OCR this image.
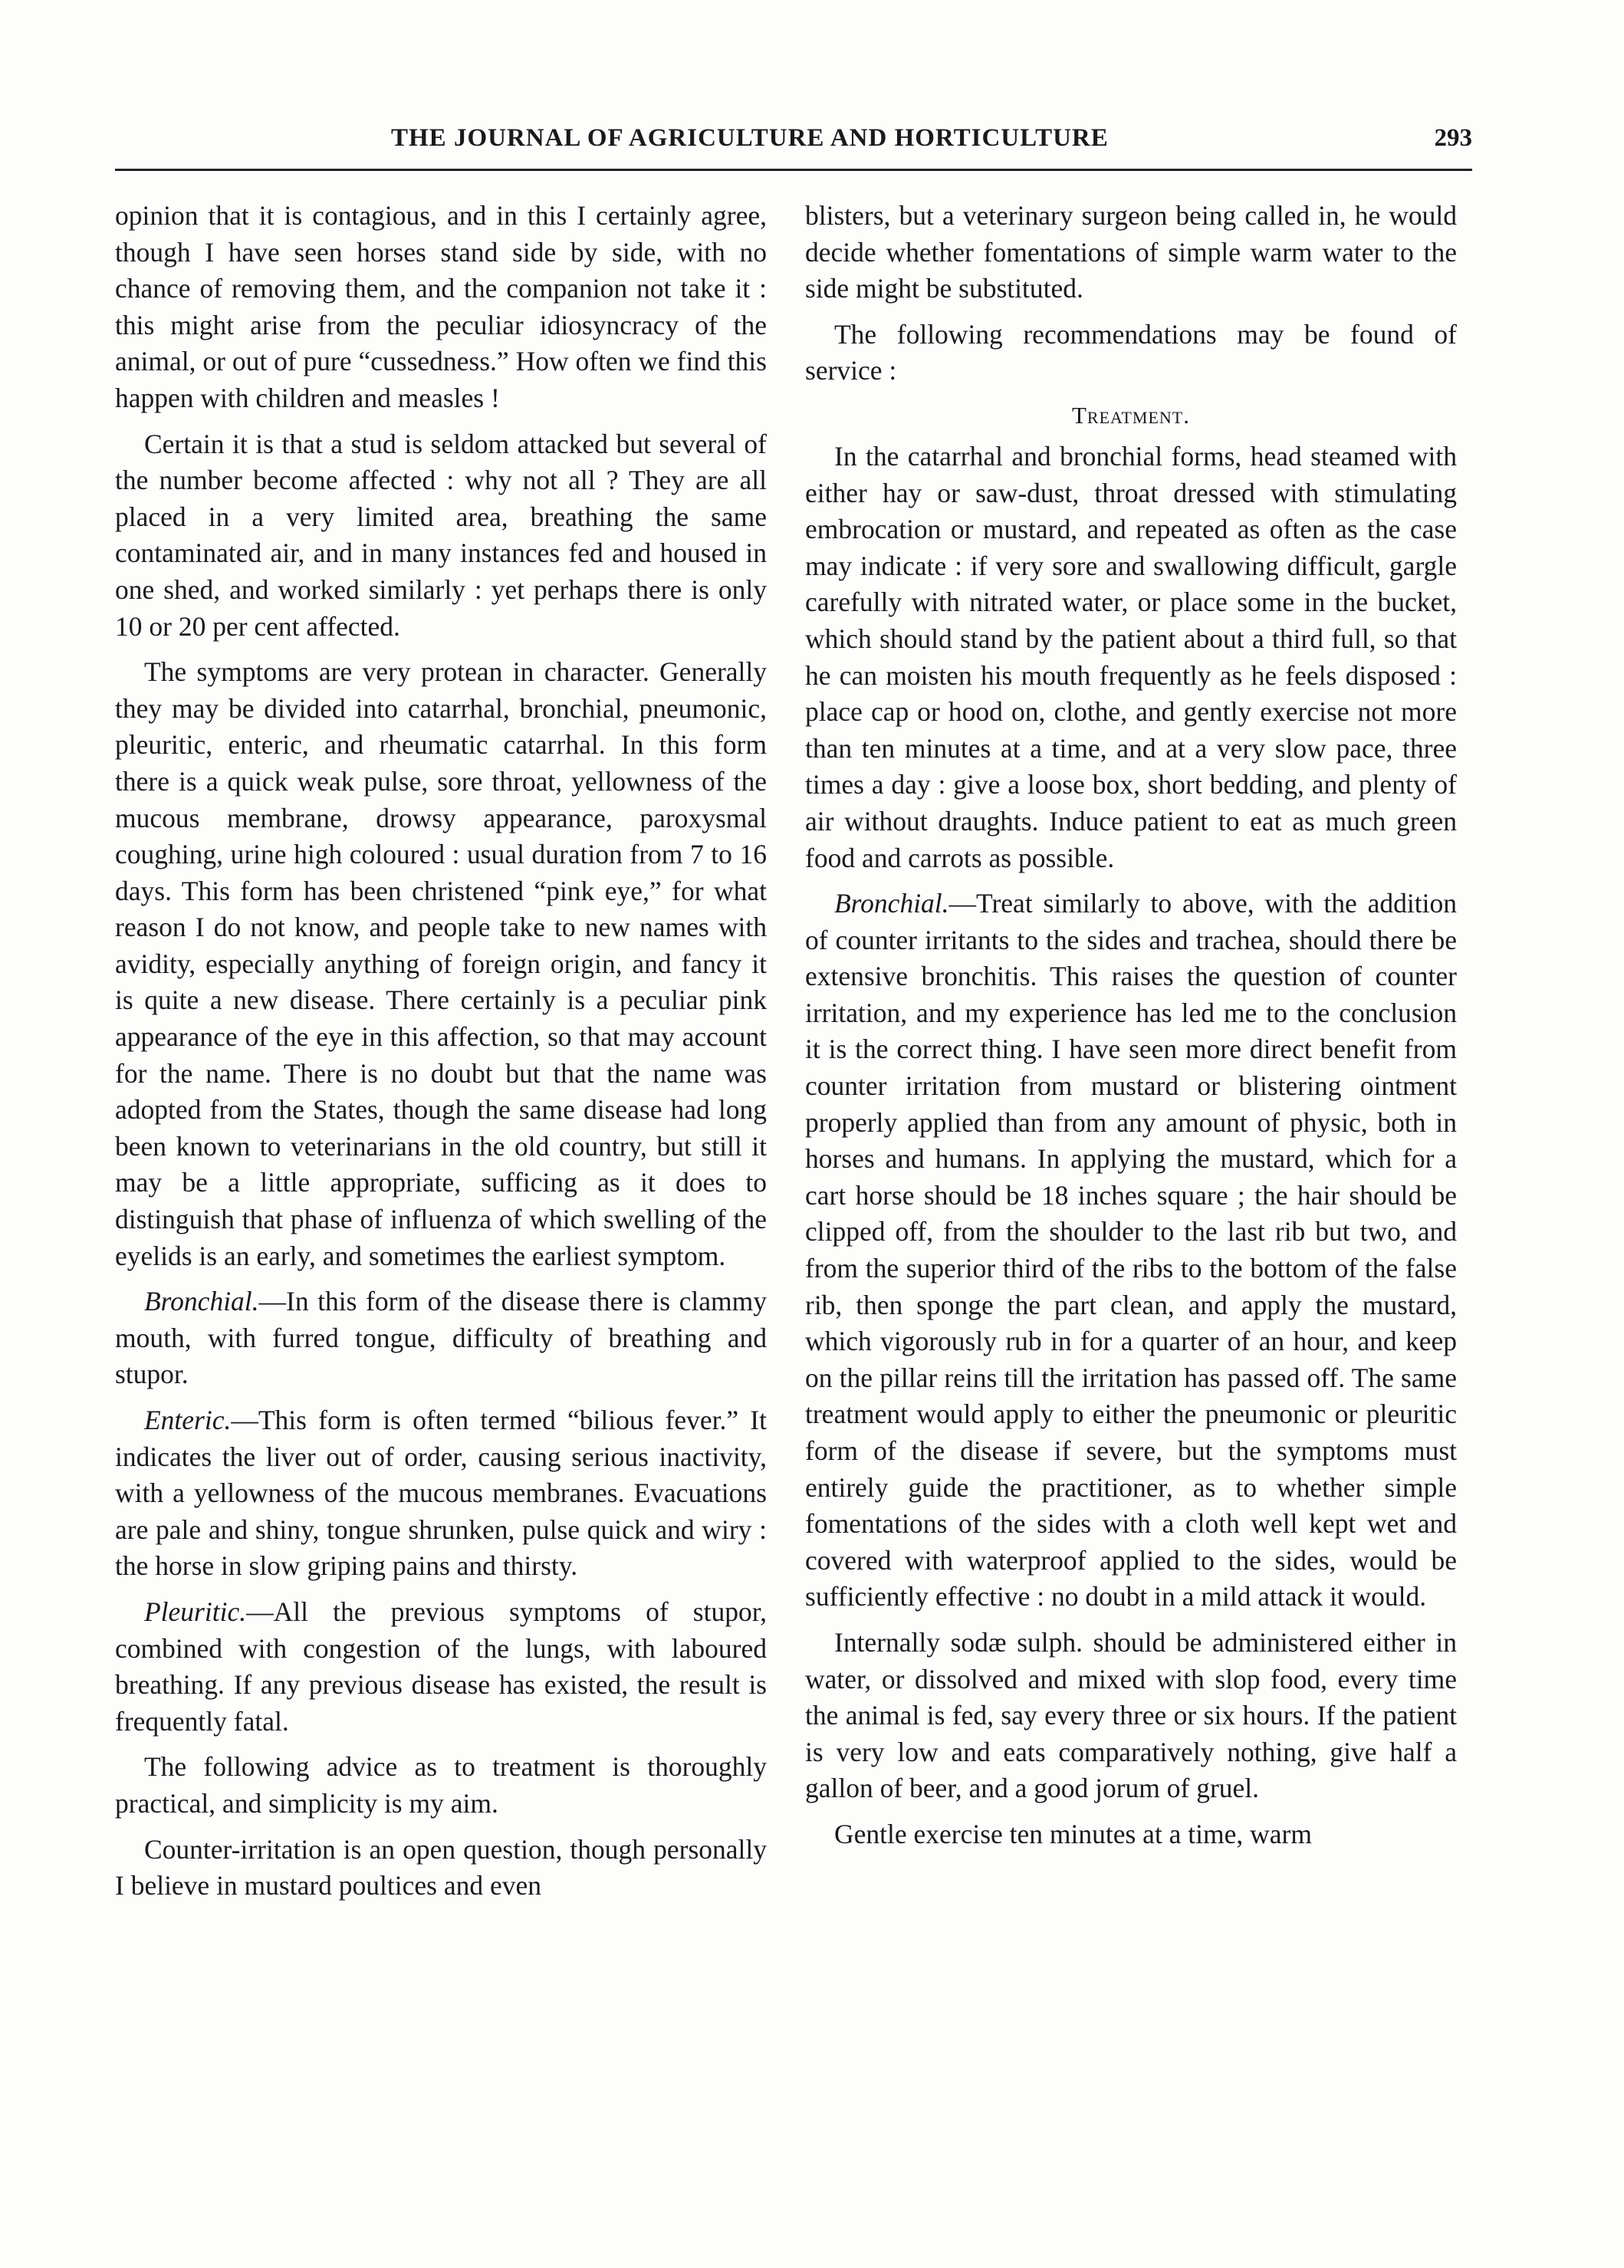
THE JOURNAL OF AGRICULTURE AND HORTICULTURE	293

opinion that it is contagious, and in this I certainly agree, though I have seen horses stand side by side, with no chance of removing them, and the companion not take it : this might arise from the peculiar idiosyncracy of the animal, or out of pure “cussedness.” How often we find this happen with children and measles !

Certain it is that a stud is seldom attacked but several of the number become affected : why not all ? They are all placed in a very limited area, breathing the same contaminated air, and in many instances fed and housed in one shed, and worked similarly : yet perhaps there is only 10 or 20 per cent affected.

The symptoms are very protean in character. Generally they may be divided into catarrhal, bronchial, pneumonic, pleuritic, enteric, and rheumatic catarrhal. In this form there is a quick weak pulse, sore throat, yellowness of the mucous membrane, drowsy appearance, paroxysmal coughing, urine high coloured : usual duration from 7 to 16 days. This form has been christened “pink eye,” for what reason I do not know, and people take to new names with avidity, especially anything of foreign origin, and fancy it is quite a new disease. There certainly is a peculiar pink appearance of the eye in this affection, so that may account for the name. There is no doubt but that the name was adopted from the States, though the same disease had long been known to veterinarians in the old country, but still it may be a little appropriate, sufficing as it does to distinguish that phase of influenza of which swelling of the eyelids is an early, and sometimes the earliest symptom.

Bronchial.—In this form of the disease there is clammy mouth, with furred tongue, difficulty of breathing and stupor.

Enteric.—This form is often termed “bilious fever.” It indicates the liver out of order, causing serious inactivity, with a yellowness of the mucous membranes. Evacuations are pale and shiny, tongue shrunken, pulse quick and wiry : the horse in slow griping pains and thirsty.

Pleuritic.—All the previous symptoms of stupor, combined with congestion of the lungs, with laboured breathing. If any previous disease has existed, the result is frequently fatal.

The following advice as to treatment is thoroughly practical, and simplicity is my aim.

Counter-irritation is an open question, though personally I believe in mustard poultices and even

blisters, but a veterinary surgeon being called in, he would decide whether fomentations of simple warm water to the side might be substituted.

The following recommendations may be found of service :

Treatment.

In the catarrhal and bronchial forms, head steamed with either hay or saw-dust, throat dressed with stimulating embrocation or mustard, and repeated as often as the case may indicate : if very sore and swallowing difficult, gargle carefully with nitrated water, or place some in the bucket, which should stand by the patient about a third full, so that he can moisten his mouth frequently as he feels disposed : place cap or hood on, clothe, and gently exercise not more than ten minutes at a time, and at a very slow pace, three times a day : give a loose box, short bedding, and plenty of air without draughts. Induce patient to eat as much green food and carrots as possible.

Bronchial.—Treat similarly to above, with the addition of counter irritants to the sides and trachea, should there be extensive bronchitis. This raises the question of counter irritation, and my experience has led me to the conclusion it is the correct thing. I have seen more direct benefit from counter irritation from mustard or blistering ointment properly applied than from any amount of physic, both in horses and humans. In applying the mustard, which for a cart horse should be 18 inches square ; the hair should be clipped off, from the shoulder to the last rib but two, and from the superior third of the ribs to the bottom of the false rib, then sponge the part clean, and apply the mustard, which vigorously rub in for a quarter of an hour, and keep on the pillar reins till the irritation has passed off. The same treatment would apply to either the pneumonic or pleuritic form of the disease if severe, but the symptoms must entirely guide the practitioner, as to whether simple fomentations of the sides with a cloth well kept wet and covered with waterproof applied to the sides, would be sufficiently effective : no doubt in a mild attack it would.

Internally sodæ sulph. should be administered either in water, or dissolved and mixed with slop food, every time the animal is fed, say every three or six hours. If the patient is very low and eats comparatively nothing, give half a gallon of beer, and a good jorum of gruel.

Gentle exercise ten minutes at a time, warm
